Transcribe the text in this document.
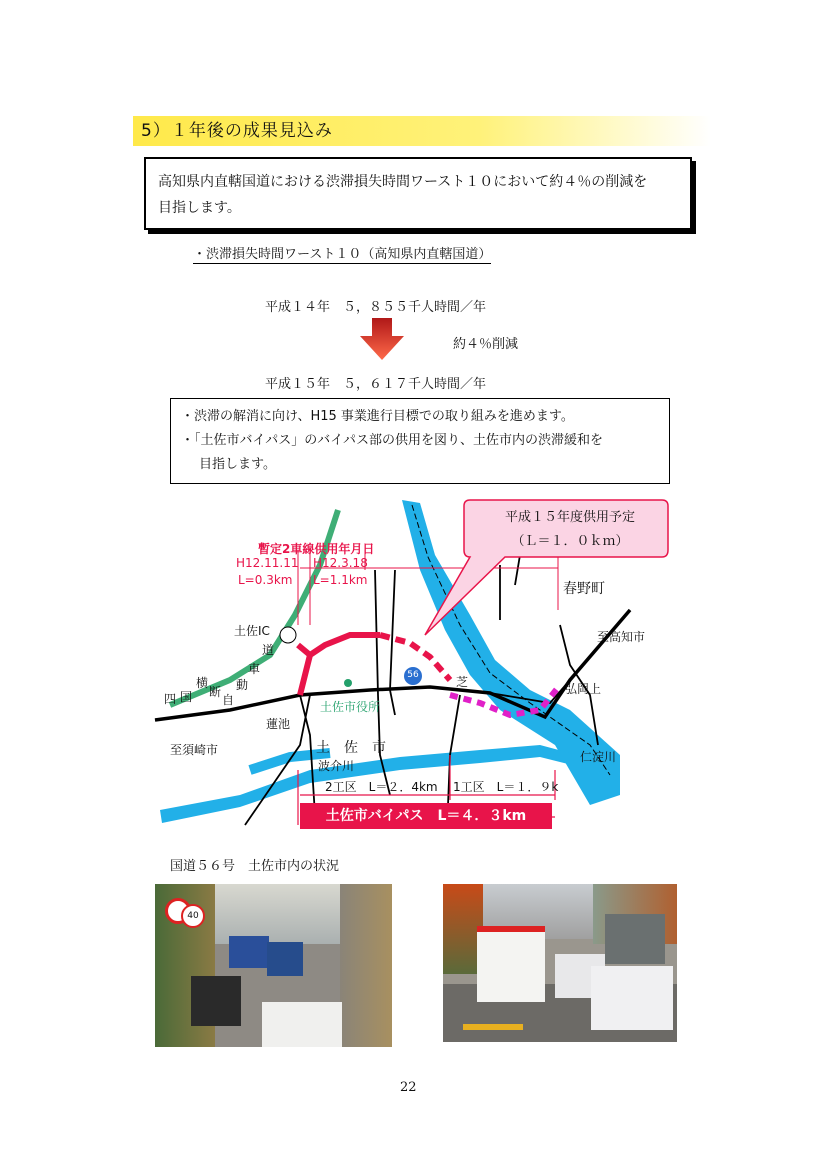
5）１年後の成果見込み
高知県内直轄国道における渋滞損失時間ワースト１０において約４％の削減を
目指します。
・渋滞損失時間ワースト１０（高知県内直轄国道）
平成１４年　５，８５５千人時間／年
約４％削減
平成１５年　５，６１７千人時間／年
・渋滞の解消に向け、H15 事業進行目標での取り組みを進めます。
・「土佐市バイパス」のバイパス部の供用を図り、土佐市内の渋滞緩和を
目指します。
平成１５年度供用予定
（Ｌ＝１．０ｋｍ）
暫定2車線供用年月日
H12.11.11
L=0.3km
H12.3.18
L=1.1km
春野町
至高知市
土佐IC
道
車
動
自
断
横
国
四
56	芝	弘岡上
土佐市役所
蓮池
至須崎市	土　佐　市
波介川
仁淀川
2工区　L＝２．4km 1工区　L＝１．９k
土佐市バイパス　L＝４．３km
国道５６号　土佐市内の状況
40
22
